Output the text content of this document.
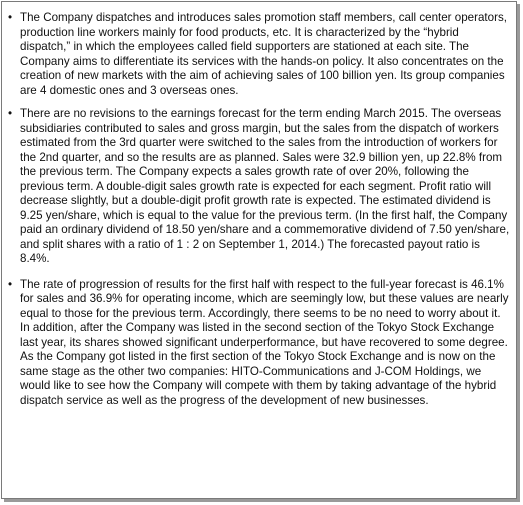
• The Company dispatches and introduces sales promotion staff members, call center operators, production line workers mainly for food products, etc. It is characterized by the “hybrid dispatch,” in which the employees called field supporters are stationed at each site. The Company aims to differentiate its services with the hands-on policy. It also concentrates on the creation of new markets with the aim of achieving sales of 100 billion yen. Its group companies are 4 domestic ones and 3 overseas ones.
• There are no revisions to the earnings forecast for the term ending March 2015. The overseas subsidiaries contributed to sales and gross margin, but the sales from the dispatch of workers estimated from the 3rd quarter were switched to the sales from the introduction of workers for the 2nd quarter, and so the results are as planned. Sales were 32.9 billion yen, up 22.8% from the previous term. The Company expects a sales growth rate of over 20%, following the previous term. A double-digit sales growth rate is expected for each segment. Profit ratio will decrease slightly, but a double-digit profit growth rate is expected. The estimated dividend is 9.25 yen/share, which is equal to the value for the previous term. (In the first half, the Company paid an ordinary dividend of 18.50 yen/share and a commemorative dividend of 7.50 yen/share, and split shares with a ratio of 1 : 2 on September 1, 2014.) The forecasted payout ratio is 8.4%.
• The rate of progression of results for the first half with respect to the full-year forecast is 46.1% for sales and 36.9% for operating income, which are seemingly low, but these values are nearly equal to those for the previous term. Accordingly, there seems to be no need to worry about it. In addition, after the Company was listed in the second section of the Tokyo Stock Exchange last year, its shares showed significant underperformance, but have recovered to some degree. As the Company got listed in the first section of the Tokyo Stock Exchange and is now on the same stage as the other two companies: HITO-Communications and J-COM Holdings, we would like to see how the Company will compete with them by taking advantage of the hybrid dispatch service as well as the progress of the development of new businesses.
